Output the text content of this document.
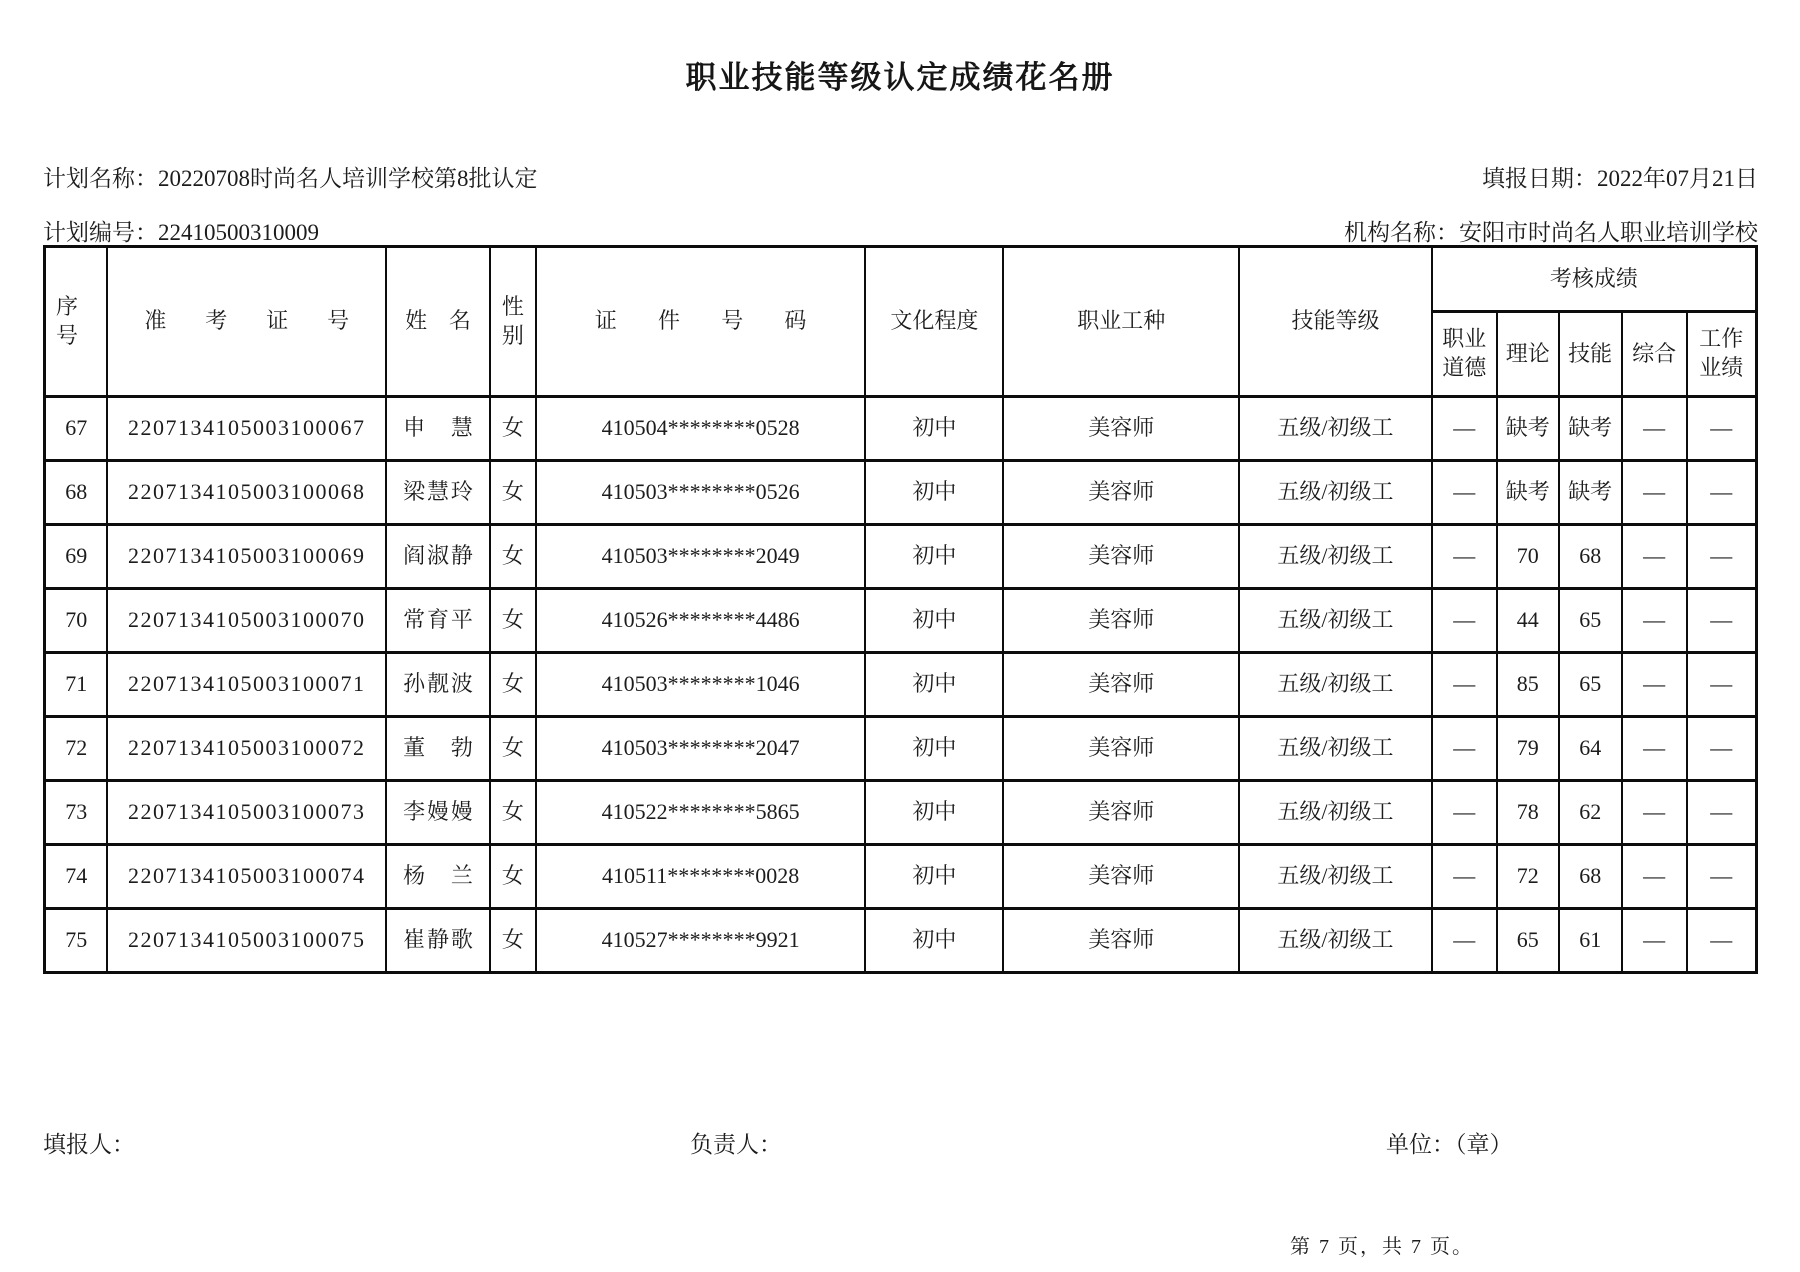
职业技能等级认定成绩花名册
计划名称：20220708时尚名人培训学校第8批认定	填报日期：2022年07月21日
计划编号：22410500310009	机构名称：安阳市时尚名人职业培训学校
序号	准考证号	姓名	性别	证件号码	文化程度	职业工种	技能等级	考核成绩				
								职业道德	理论	技能	综合	工作业绩
67	2207134105003100067	申慧	女	410504********0528	初中	美容师	五级/初级工	—	缺考	缺考	—	—
68	2207134105003100068	梁慧玲	女	410503********0526	初中	美容师	五级/初级工	—	缺考	缺考	—	—
69	2207134105003100069	阎淑静	女	410503********2049	初中	美容师	五级/初级工	—	70	68	—	—
70	2207134105003100070	常育平	女	410526********4486	初中	美容师	五级/初级工	—	44	65	—	—
71	2207134105003100071	孙靓波	女	410503********1046	初中	美容师	五级/初级工	—	85	65	—	—
72	2207134105003100072	董勃	女	410503********2047	初中	美容师	五级/初级工	—	79	64	—	—
73	2207134105003100073	李嫚嫚	女	410522********5865	初中	美容师	五级/初级工	—	78	62	—	—
74	2207134105003100074	杨兰	女	410511********0028	初中	美容师	五级/初级工	—	72	68	—	—
75	2207134105003100075	崔静歌	女	410527********9921	初中	美容师	五级/初级工	—	65	61	—	—
填报人：	负责人：	单位：（章）
第 7 页，共 7 页。
